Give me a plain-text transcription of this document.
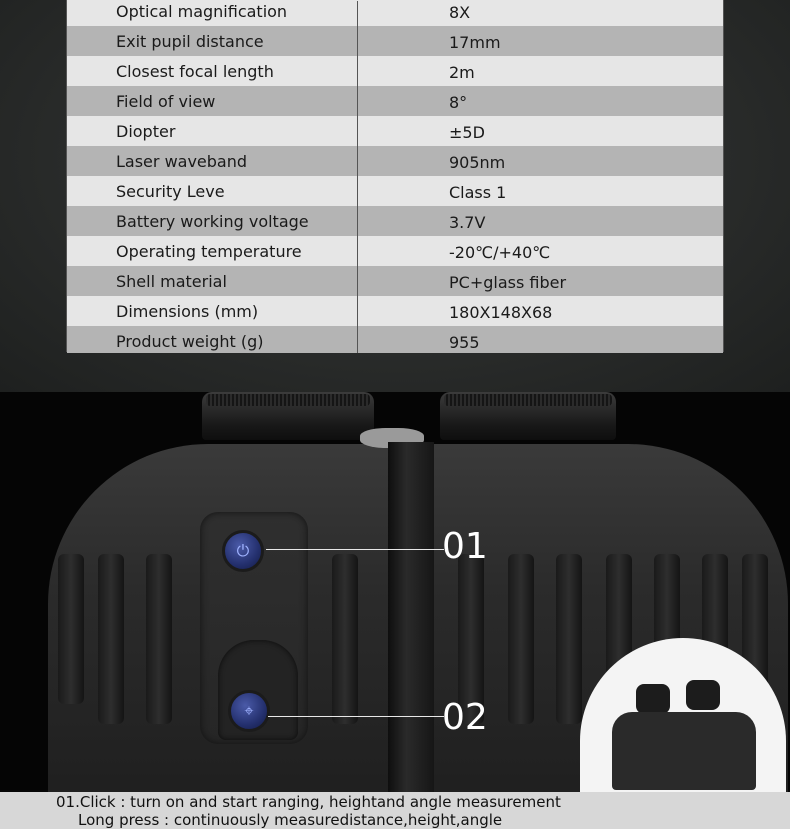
Optical magnification	8X
Exit pupil distance	17mm
Closest focal length	2m
Field of view	8°
Diopter	±5D
Laser waveband	905nm
Security Leve	Class 1
Battery working voltage	3.7V
Operating temperature	-20℃/+40℃
Shell material	PC+glass fiber
Dimensions (mm)	180X148X68
Product weight (g)	955
⏻
⌖
01
02
01.Click : turn on and start ranging, heightand angle measurement
Long press : continuously measuredistance,height,angle
